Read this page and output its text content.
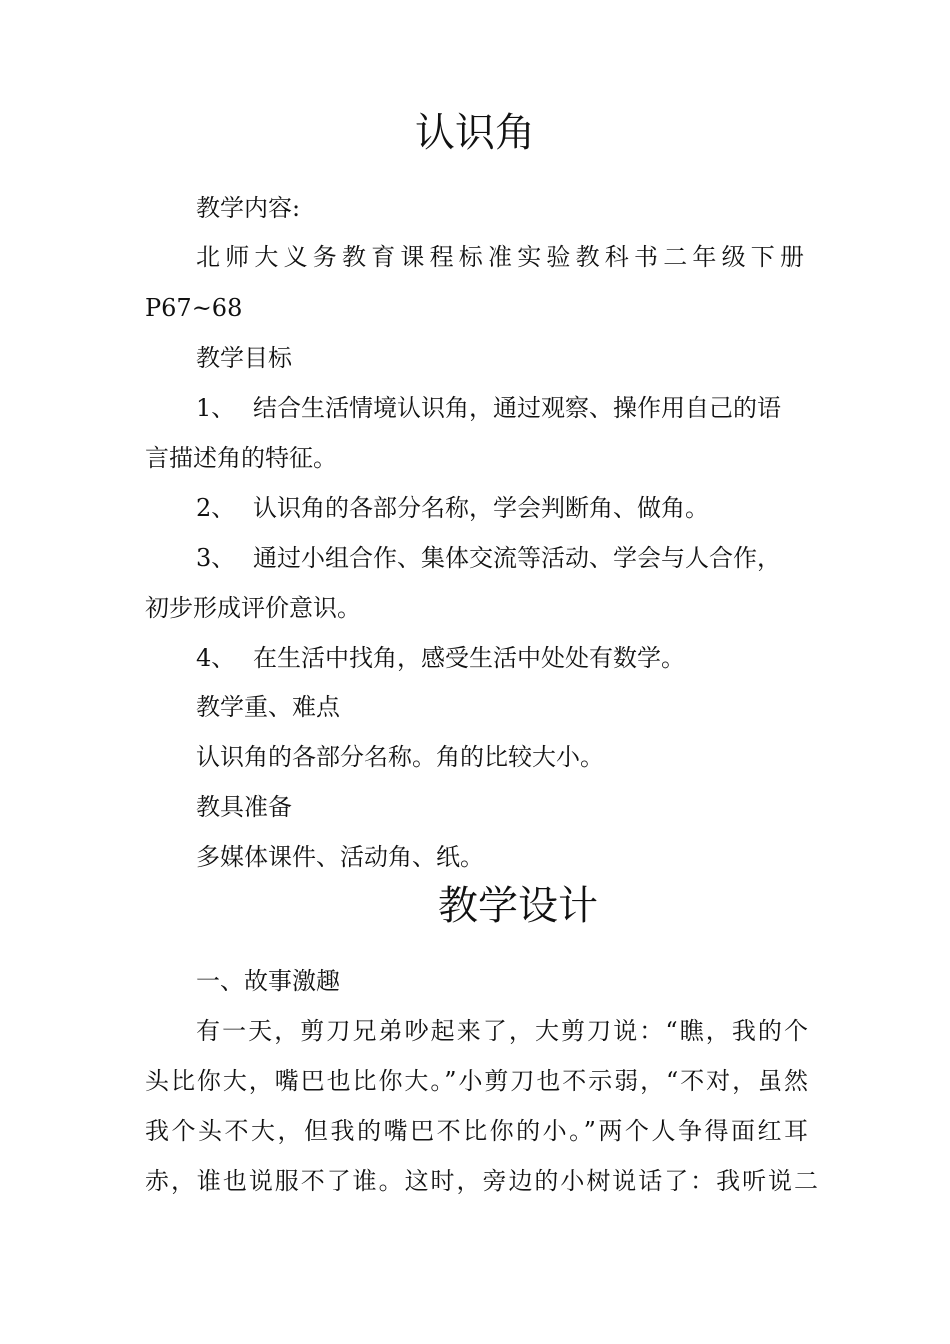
认识角
教学内容:
北师大义务教育课程标准实验教科书二年级下册
P67~68
教学目标
1、 结合生活情境认识角，通过观察、操作用自己的语
言描述角的特征。
2、 认识角的各部分名称，学会判断角、做角。
3、 通过小组合作、集体交流等活动、学会与人合作，
初步形成评价意识。
4、 在生活中找角，感受生活中处处有数学。
教学重、难点
认识角的各部分名称。角的比较大小。
教具准备
多媒体课件、活动角、纸。
教学设计
一、故事激趣
有一天，剪刀兄弟吵起来了，大剪刀说：“瞧，我的个
头比你大，嘴巴也比你大。”小剪刀也不示弱，“不对，虽然
我个头不大，但我的嘴巴不比你的小。”两个人争得面红耳
赤，谁也说服不了谁。这时，旁边的小树说话了：我听说二
